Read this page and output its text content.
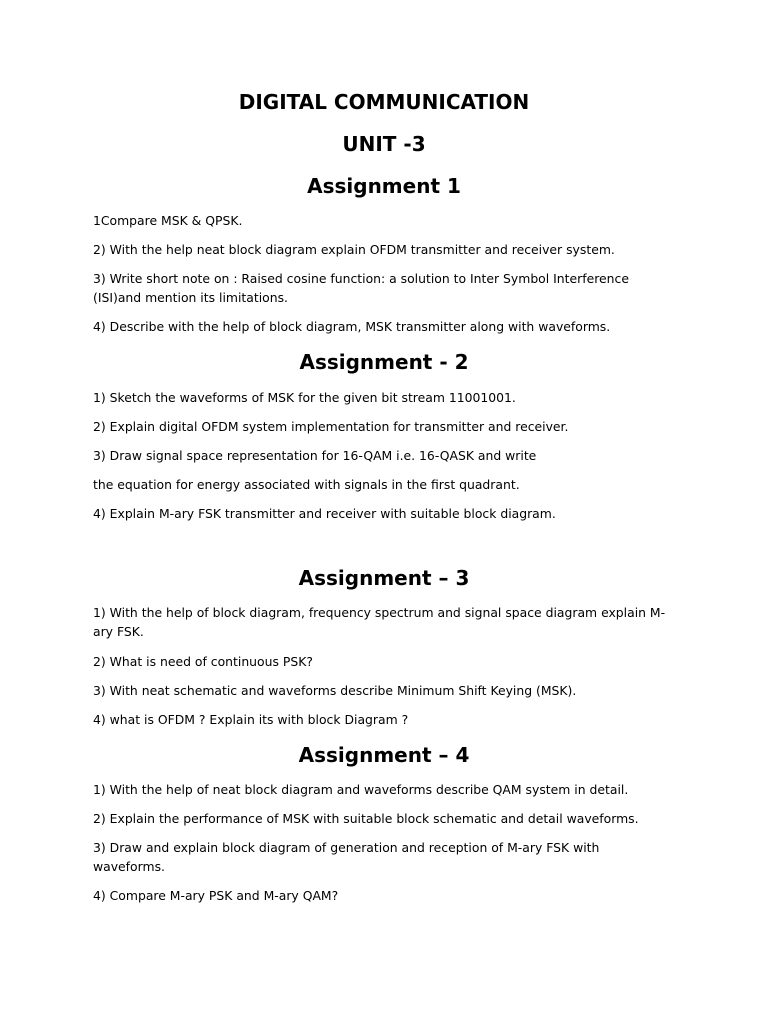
DIGITAL COMMUNICATION
UNIT -3
Assignment 1
1Compare MSK & QPSK.
2) With the help neat block diagram explain OFDM transmitter and receiver system.
3) Write short note on : Raised cosine function: a solution to Inter Symbol Interference
(ISI)and mention its limitations.
4) Describe with the help of block diagram, MSK transmitter along with waveforms.
Assignment - 2
1) Sketch the waveforms of MSK for the given bit stream 11001001.
2) Explain digital OFDM system implementation for transmitter and receiver.
3) Draw signal space representation for 16-QAM i.e. 16-QASK and write
the equation for energy associated with signals in the first quadrant.
4) Explain M-ary FSK transmitter and receiver with suitable block diagram.
Assignment – 3
1) With the help of block diagram, frequency spectrum and signal space diagram explain M-
ary FSK.
2) What is need of continuous PSK?
3) With neat schematic and waveforms describe Minimum Shift Keying (MSK).
4) what is OFDM ? Explain its with block Diagram ?
Assignment – 4
1) With the help of neat block diagram and waveforms describe QAM system in detail.
2) Explain the performance of MSK with suitable block schematic and detail waveforms.
3) Draw and explain block diagram of generation and reception of M-ary FSK with
waveforms.
4) Compare M-ary PSK and M-ary QAM?
